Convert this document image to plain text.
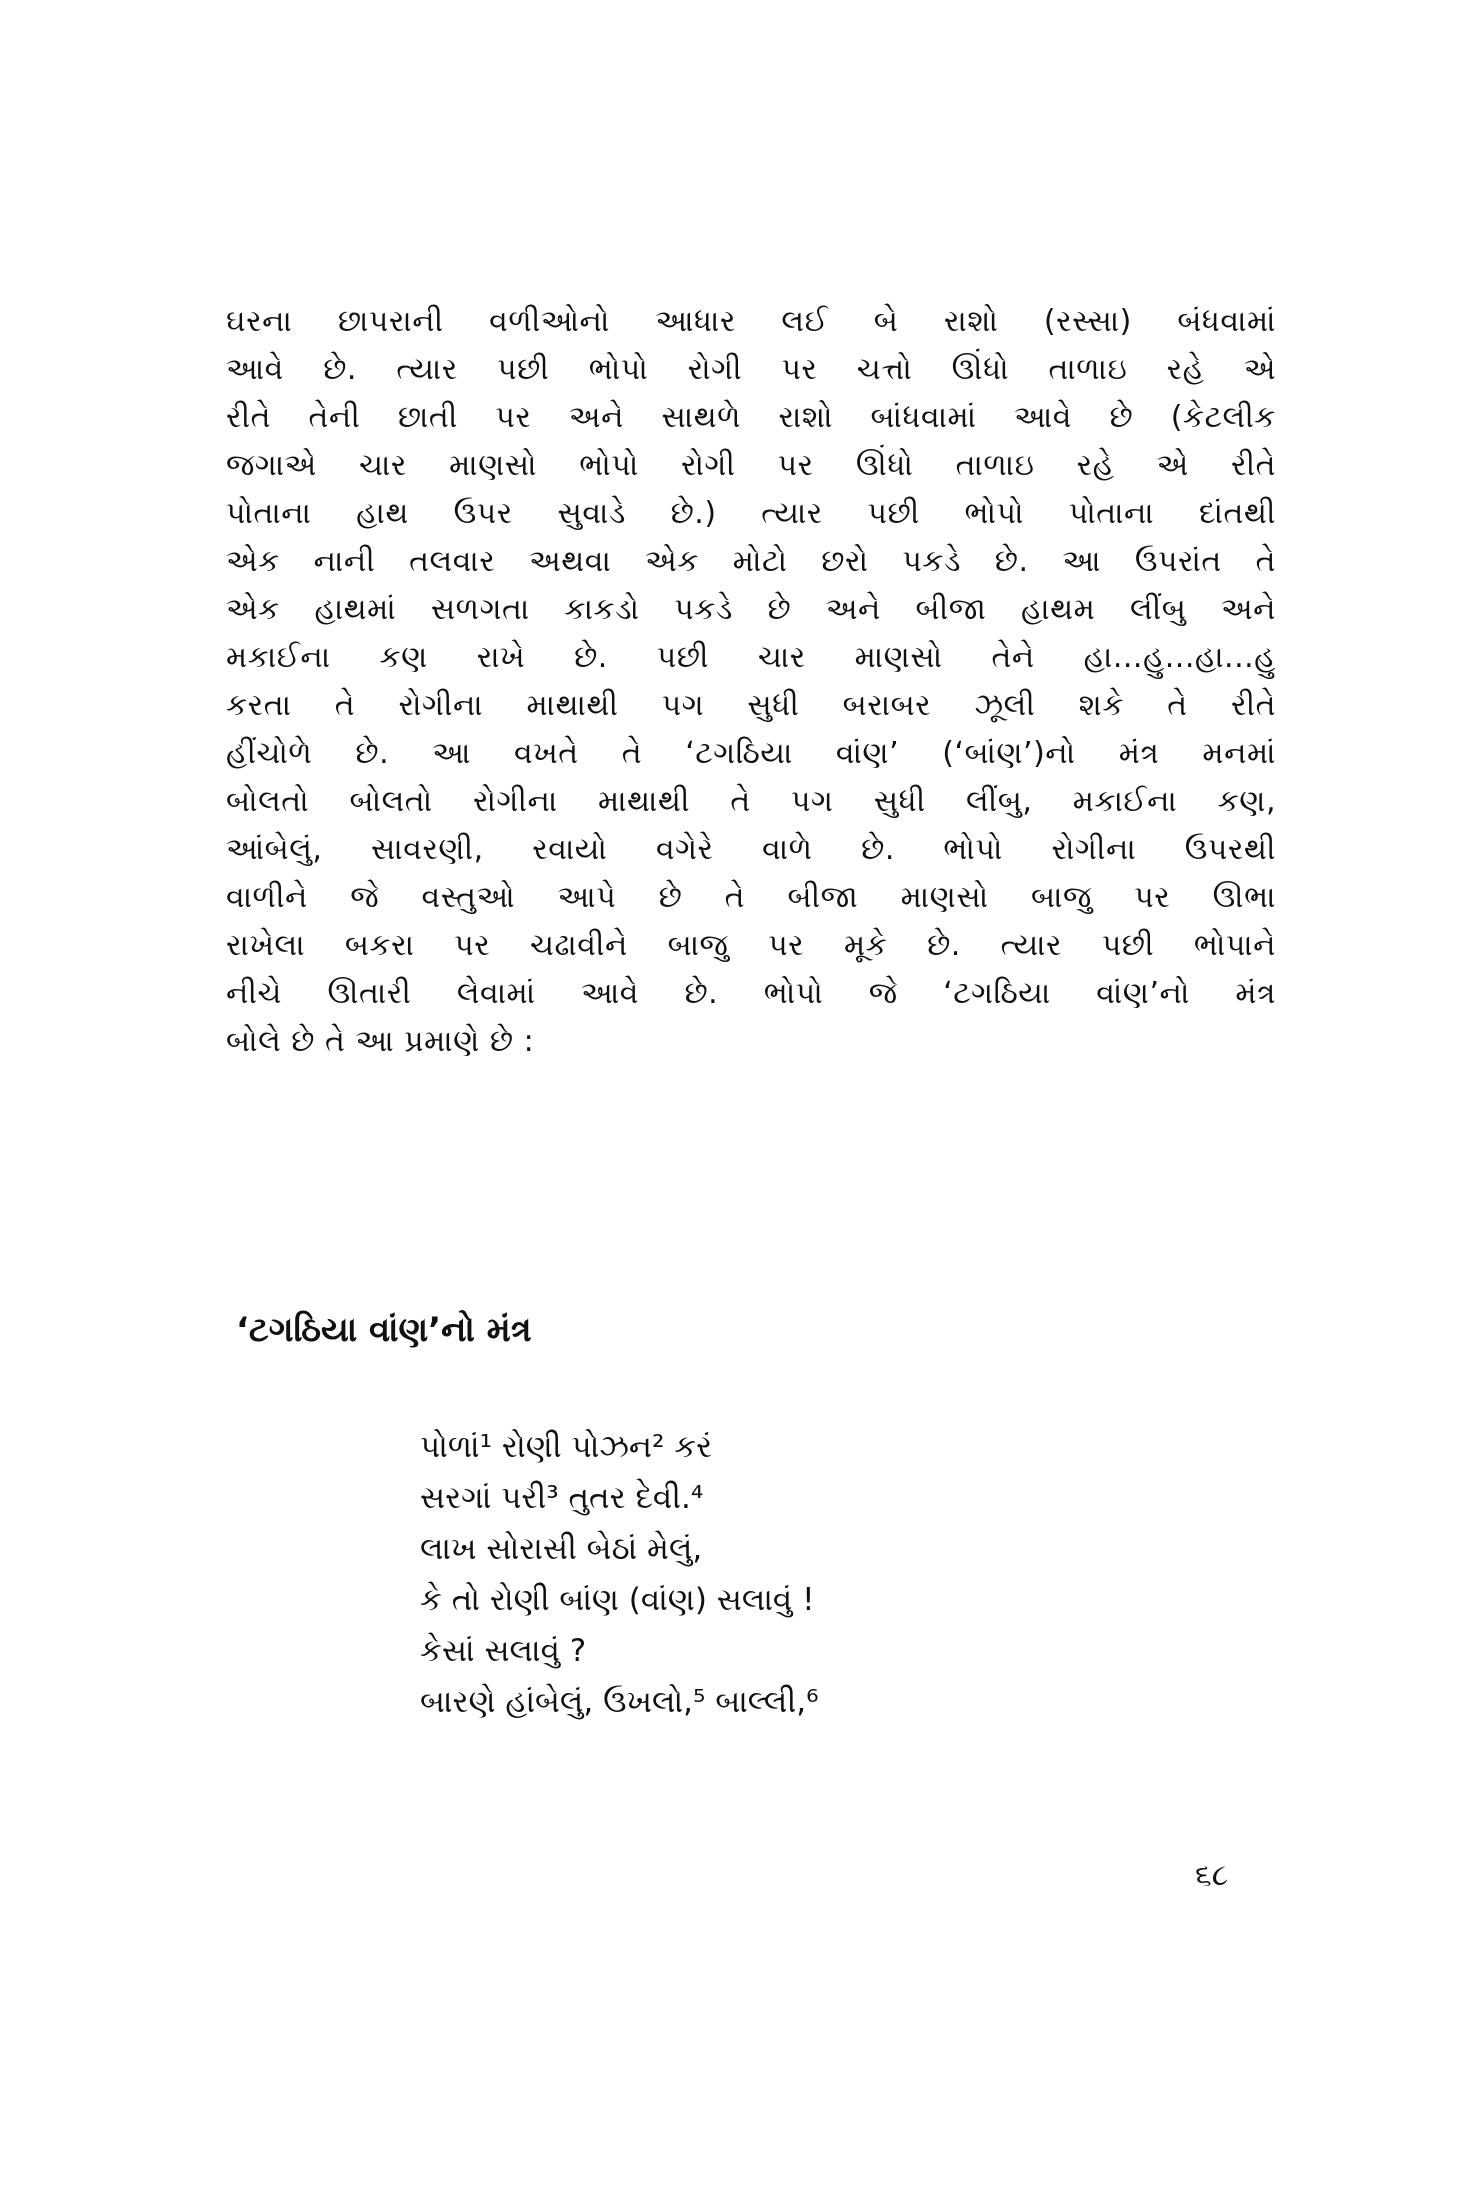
ઘરના છાપરાની વળીઓનો આધાર લઈ બે રાશો (રસ્સા) બંધવામાં
આવે છે. ત્યાર પછી ભોપો રોગી પર ચત્તો ઊંધો તાળાઇ રહે એ
રીતે તેની છાતી પર અને સાથળે રાશો બાંધવામાં આવે છે (કેટલીક
જગાએ ચાર માણસો ભોપો રોગી પર ઊંધો તાળાઇ રહે એ રીતે
પોતાના હાથ ઉપર સુવાડે છે.) ત્યાર પછી ભોપો પોતાના દાંતથી
એક નાની તલવાર અથવા એક મોટો છરો પકડે છે. આ ઉપરાંત તે
એક હાથમાં સળગતા કાકડો પકડે છે અને બીજા હાથમ લીંબુ અને
મકાઈના કણ રાખે છે. પછી ચાર માણસો તેને હા...હુ...હા...હુ
કરતા તે રોગીના માથાથી પગ સુધી બરાબર ઝૂલી શકે તે રીતે
હીંચોળે છે. આ વખતે તે ‘ટગઠિયા વાંણ’ (‘બાંણ’)નો મંત્ર મનમાં
બોલતો બોલતો રોગીના માથાથી તે પગ સુધી લીંબુ, મકાઈના કણ,
આંબેલું, સાવરણી, રવાયો વગેરે વાળે છે. ભોપો રોગીના ઉપરથી
વાળીને જે વસ્તુઓ આપે છે તે બીજા માણસો બાજુ પર ઊભા
રાખેલા બકરા પર ચઢાવીને બાજુ પર મૂકે છે. ત્યાર પછી ભોપાને
નીચે ઊતારી લેવામાં આવે છે. ભોપો જે ‘ટગઠિયા વાંણ’નો મંત્ર
બોલે છે તે આ પ્રમાણે છે :
‘ટગઠિયા વાંણ’નો મંત્ર
પોળાં¹ રોણી પોઝન² કરં
સરગાં પરી³ તુતર દેવી.⁴
લાખ સોરાસી બેઠાં મેલું,
કે તો રોણી બાંણ (વાંણ) સલાવું !
કેસાં સલાવું ?
બારણે હાંબેલું, ઉખલો,⁵ બાલ્લી,⁶
૬૮
